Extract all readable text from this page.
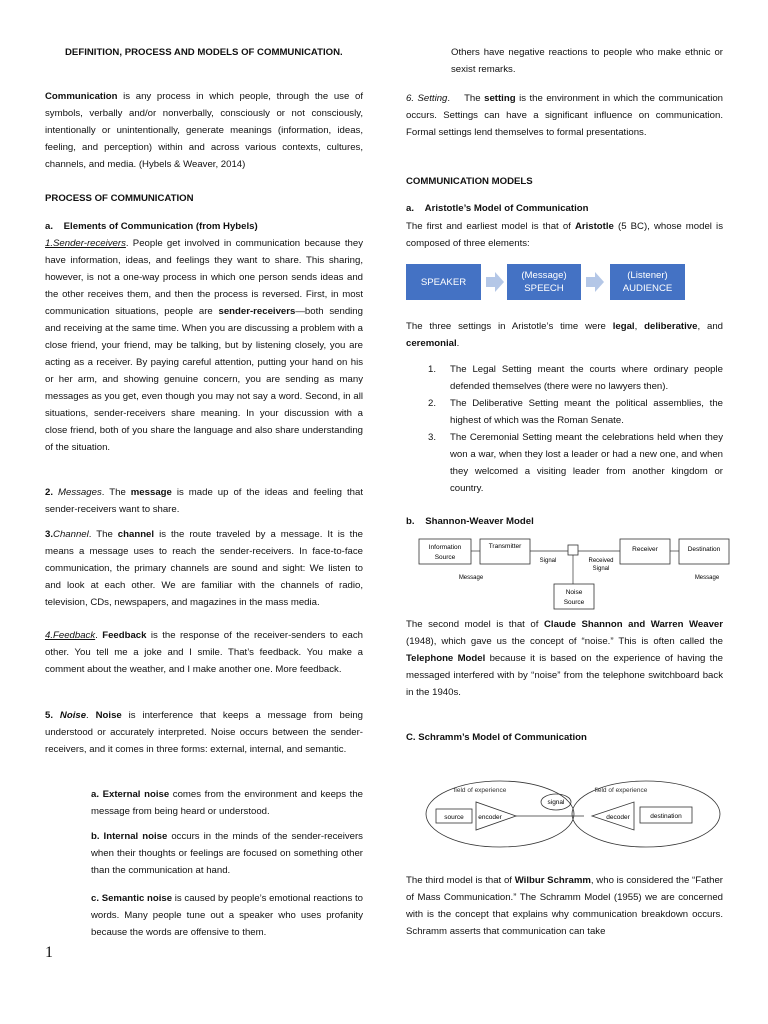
DEFINITION, PROCESS AND MODELS OF COMMUNICATION.
Communication is any process in which people, through the use of symbols, verbally and/or nonverbally, consciously or not consciously, intentionally or unintentionally, generate meanings (information, ideas, feeling, and perception) within and across various contexts, cultures, channels, and media. (Hybels & Weaver, 2014)
PROCESS OF COMMUNICATION
a.    Elements of Communication (from Hybels)
1.Sender-receivers. People get involved in communication because they have information, ideas, and feelings they want to share. This sharing, however, is not a one-way process in which one person sends ideas and the other receives them, and then the process is reversed. First, in most communication situations, people are sender-receivers—both sending and receiving at the same time. When you are discussing a problem with a close friend, your friend, may be talking, but by listening closely, you are acting as a receiver. By paying careful attention, putting your hand on his or her arm, and showing genuine concern, you are sending as many messages as you get, even though you may not say a word. Second, in all situations, sender-receivers share meaning. In your discussion with a close friend, both of you share the language and also share understanding of the situation.
2. Messages. The message is made up of the ideas and feeling that sender-receivers want to share.
3.Channel. The channel is the route traveled by a message. It is the means a message uses to reach the sender-receivers. In face-to-face communication, the primary channels are sound and sight: We listen to and look at each other. We are familiar with the channels of radio, television, CDs, newspapers, and magazines in the mass media.
4.Feedback. Feedback is the response of the receiver-senders to each other. You tell me a joke and I smile. That’s feedback. You make a comment about the weather, and I make another one. More feedback.
5. Noise. Noise is interference that keeps a message from being understood or accurately interpreted. Noise occurs between the sender-receivers, and it comes in three forms: external, internal, and semantic.
a. External noise comes from the environment and keeps the message from being heard or understood.
b. Internal noise occurs in the minds of the sender-receivers when their thoughts or feelings are focused on something other than the communication at hand.
c. Semantic noise is caused by people’s emotional reactions to words. Many people tune out a speaker who uses profanity because the words are offensive to them.
Others have negative reactions to people who make ethnic or sexist remarks.
6. Setting.    The setting is the environment in which the communication occurs. Settings can have a significant influence on communication. Formal settings lend themselves to formal presentations.
COMMUNICATION MODELS
a.    Aristotle’s Model of Communication
The first and earliest model is that of Aristotle (5 BC), whose model is composed of three elements:
SPEAKER
(Message)
SPEECH
(Listener)
AUDIENCE
The three settings in Aristotle’s time were legal, deliberative, and ceremonial.
1. The Legal Setting meant the courts where ordinary people defended themselves (there were no lawyers then).
2. The Deliberative Setting meant the political assemblies, the highest of which was the Roman Senate.
3. The Ceremonial Setting meant the celebrations held when they won a war, when they lost a leader or had a new one, and when they welcomed a visiting leader from another kingdom or country.
b.    Shannon-Weaver Model
Information
Source
Transmitter
Signal	Received
Signal
Receiver	Destination
Message	Message
Noise
Source
The second model is that of Claude Shannon and Warren Weaver (1948), which gave us the concept of “noise.” This is often called the Telephone Model because it is based on the experience of having the messaged interfered with by “noise” from the telephone switchboard back in the 1940s.
C. Schramm’s Model of Communication
field of experience	field of experience
signal
source encoder	decoder	destination
The third model is that of Wilbur Schramm, who is considered the “Father of Mass Communication.” The Schramm Model (1955) we are concerned with is the concept that explains why communication breakdown occurs. Schramm asserts that communication can take
1
